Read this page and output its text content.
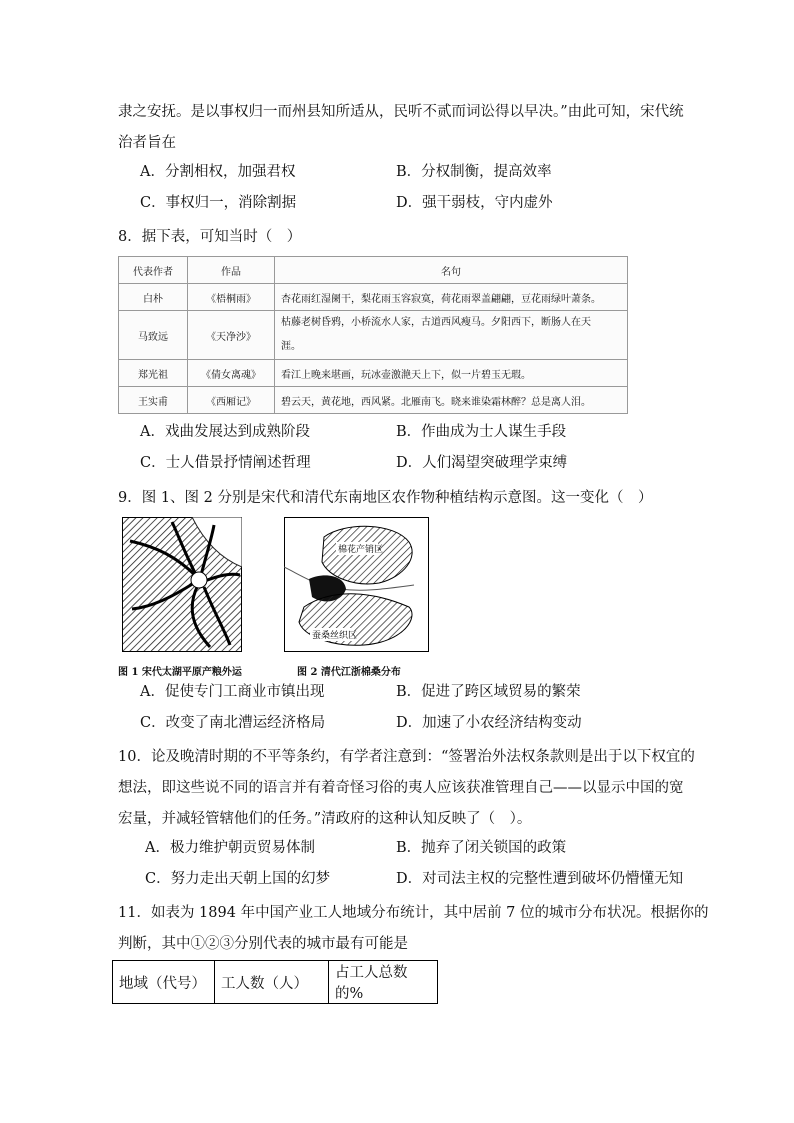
隶之安抚。是以事权归一而州县知所适从，民听不贰而词讼得以早决。”由此可知，宋代统
治者旨在
A．分割相权，加强君权	B．分权制衡，提高效率
C．事权归一，消除割据	D．强干弱枝，守内虚外
8．据下表，可知当时（　）
代表作者	作品	名句
白朴	《梧桐雨》	杏花雨红湿阑干，梨花雨玉容寂寞，荷花雨翠盖翩翩，豆花雨绿叶萧条。
马致远	《天净沙》	枯藤老树昏鸦，小桥流水人家，古道西风瘦马。夕阳西下，断肠人在天
涯。
郑光祖	《倩女离魂》	看江上晚来堪画，玩冰壶激滟天上下，似一片碧玉无瑕。
王实甫	《西厢记》	碧云天，黄花地，西风紧。北雁南飞。晓来谁染霜林醉？总是离人泪。
A．戏曲发展达到成熟阶段	B．作曲成为士人谋生手段
C．士人借景抒情阐述哲理	D．人们渴望突破理学束缚
9．图 1、图 2 分别是宋代和清代东南地区农作物种植结构示意图。这一变化（　）
图 1 宋代太湖平原产粮外运
棉花产销区
蚕桑丝织区
图 2 清代江浙棉桑分布
A．促使专门工商业市镇出现	B．促进了跨区域贸易的繁荣
C．改变了南北漕运经济格局	D．加速了小农经济结构变动
10．论及晚清时期的不平等条约，有学者注意到：“签署治外法权条款则是出于以下权宜的
想法，即这些说不同的语言并有着奇怪习俗的夷人应该获准管理自己——以显示中国的宽
宏量，并减轻管辖他们的任务。”清政府的这种认知反映了（　）。
A．极力维护朝贡贸易体制	B．抛弃了闭关锁国的政策
C．努力走出天朝上国的幻梦	D．对司法主权的完整性遭到破坏仍懵懂无知
11．如表为 1894 年中国产业工人地域分布统计，其中居前 7 位的城市分布状况。根据你的
判断，其中①②③分别代表的城市最有可能是
地域（代号）	工人数（人）	占工人总数的%
